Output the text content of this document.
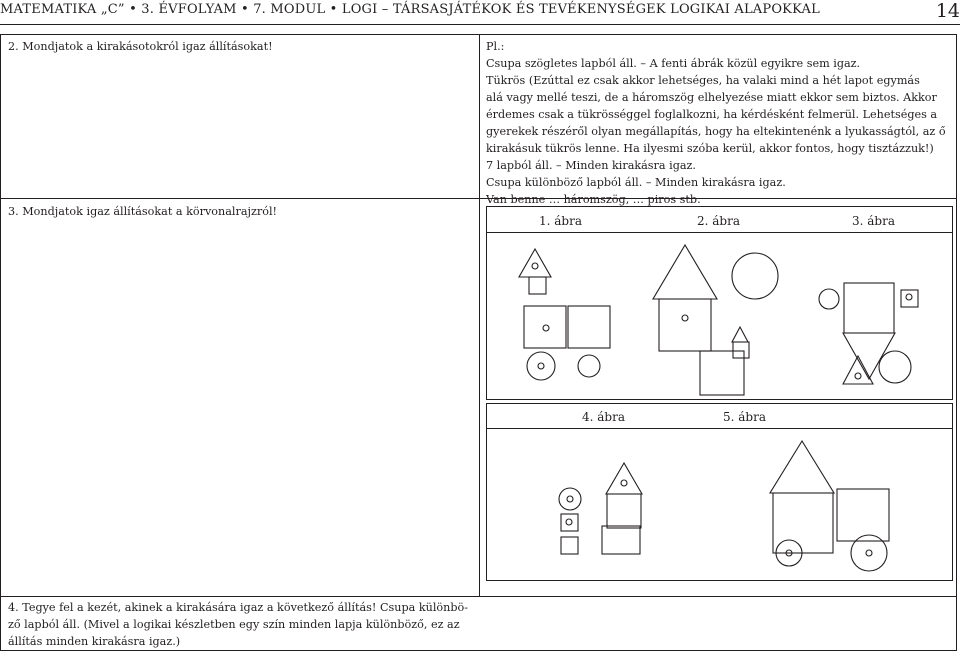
MATEMATIKA „C” • 3. ÉVFOLYAM • 7. MODUL • LOGI – TÁRSASJÁTÉKOK ÉS TEVÉKENYSÉGEK LOGIKAI ALAPOKKAL	14
2. Mondjatok a kirakásotokról igaz állításokat!
3. Mondjatok igaz állításokat a körvonalrajzról!
Pl.:
Csupa szögletes lapból áll. – A fenti ábrák közül egyikre sem igaz.
Tükrös (Ezúttal ez csak akkor lehetséges, ha valaki mind a hét lapot egymás
alá vagy mellé teszi, de a háromszög elhelyezése miatt ekkor sem biztos. Akkor
érdemes csak a tükrösséggel foglalkozni, ha kérdésként felmerül. Lehetséges a
gyerekek részéről olyan megállapítás, hogy ha eltekintenénk a lyukasságtól, az ő
kirakásuk tükrös lenne. Ha ilyesmi szóba kerül, akkor fontos, hogy tisztázzuk!)
7 lapból áll. – Minden kirakásra igaz.
Csupa különböző lapból áll. – Minden kirakásra igaz.
Van benne … háromszög, … piros stb.
1. ábra	2. ábra	3. ábra
4. ábra	5. ábra
4. Tegye fel a kezét, akinek a kirakására igaz a következő állítás! Csupa különbö-
ző lapból áll. (Mivel a logikai készletben egy szín minden lapja különböző, ez az
állítás minden kirakásra igaz.)
